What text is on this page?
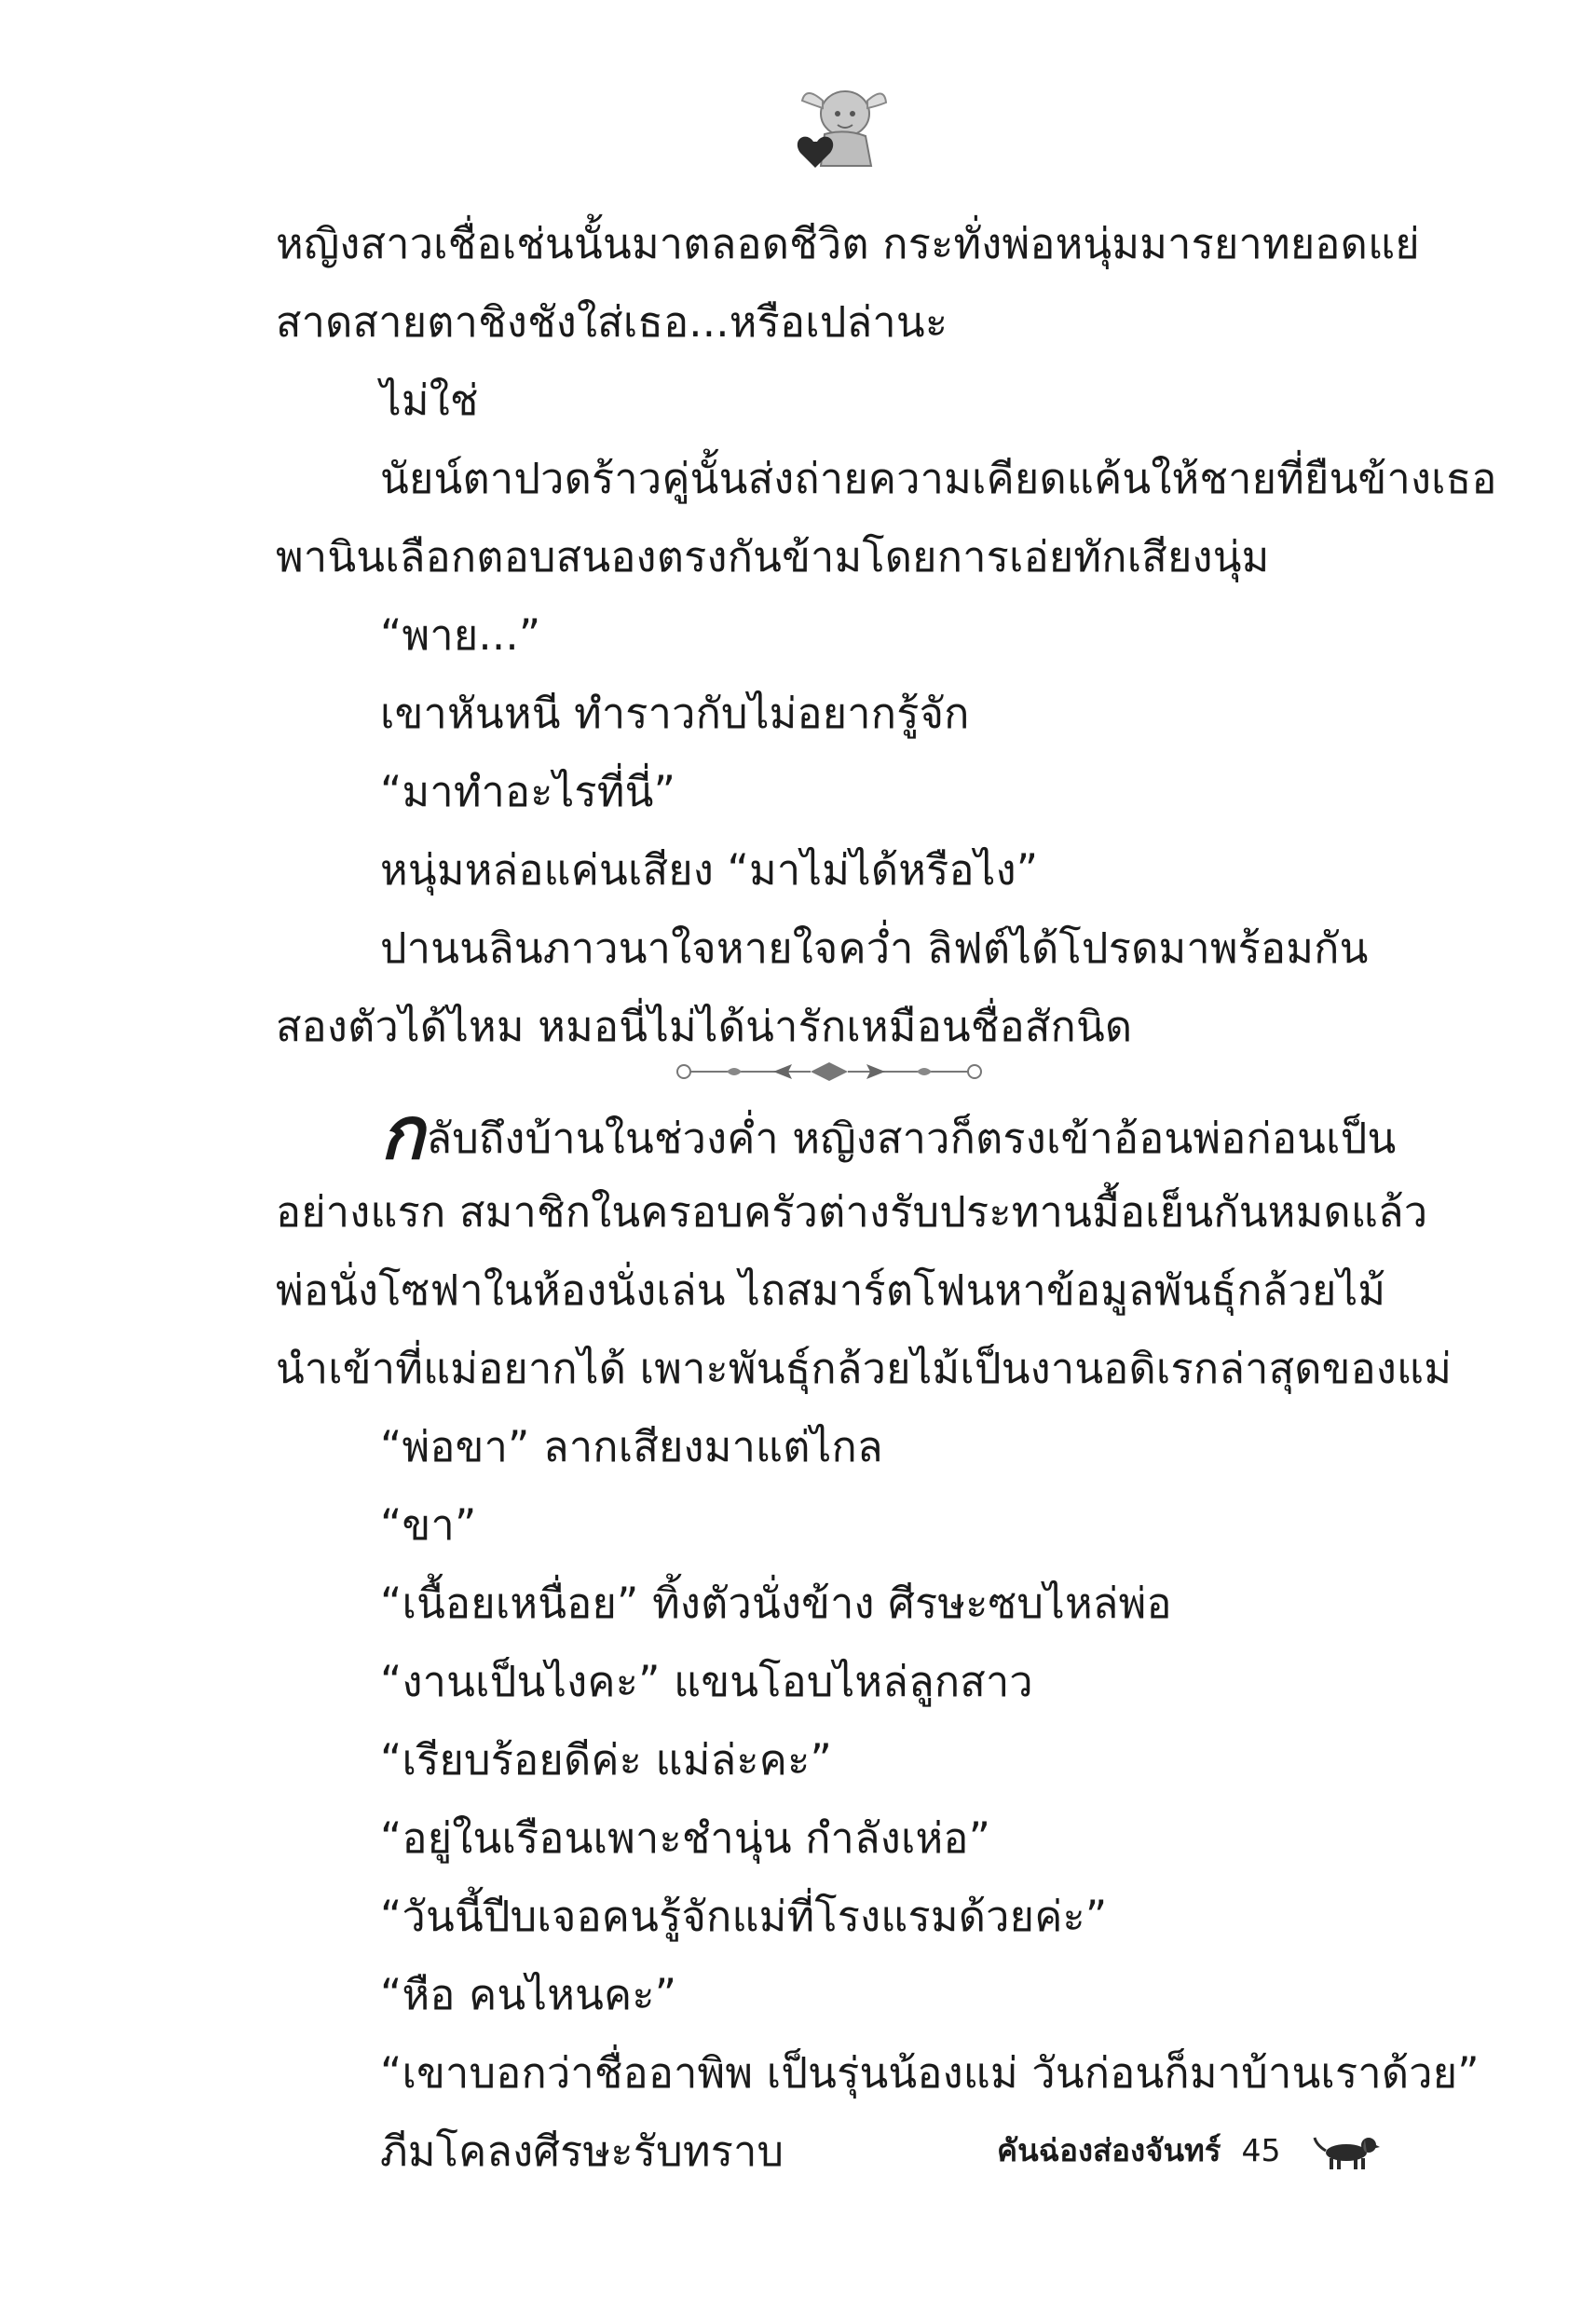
หญิงสาวเชื่อเช่นนั้นมาตลอดชีวิต กระทั่งพ่อหนุ่มมารยาทยอดแย่
สาดสายตาชิงชังใส่เธอ...หรือเปล่านะ
ไม่ใช่
นัยน์ตาปวดร้าวคู่นั้นส่งถ่ายความเคียดแค้นให้ชายที่ยืนข้างเธอ
พานินเลือกตอบสนองตรงกันข้ามโดยการเอ่ยทักเสียงนุ่ม
“พาย...”
เขาหันหนี ทำราวกับไม่อยากรู้จัก
“มาทำอะไรที่นี่”
หนุ่มหล่อแค่นเสียง “มาไม่ได้หรือไง”
ปานนลินภาวนาใจหายใจคว่ำ ลิฟต์ได้โปรดมาพร้อมกัน
สองตัวได้ไหม หมอนี่ไม่ได้น่ารักเหมือนชื่อสักนิด
กลับถึงบ้านในช่วงค่ำ หญิงสาวก็ตรงเข้าอ้อนพ่อก่อนเป็น
อย่างแรก สมาชิกในครอบครัวต่างรับประทานมื้อเย็นกันหมดแล้ว
พ่อนั่งโซฟาในห้องนั่งเล่น ไถสมาร์ตโฟนหาข้อมูลพันธุ์กล้วยไม้
นำเข้าที่แม่อยากได้ เพาะพันธุ์กล้วยไม้เป็นงานอดิเรกล่าสุดของแม่
“พ่อขา” ลากเสียงมาแต่ไกล
“ขา”
“เนื้อยเหนื่อย” ทิ้งตัวนั่งข้าง ศีรษะซบไหล่พ่อ
“งานเป็นไงคะ” แขนโอบไหล่ลูกสาว
“เรียบร้อยดีค่ะ แม่ล่ะคะ”
“อยู่ในเรือนเพาะชำนุ่น กำลังเห่อ”
“วันนี้ปีบเจอคนรู้จักแม่ที่โรงแรมด้วยค่ะ”
“หือ คนไหนคะ”
“เขาบอกว่าชื่ออาพิพ เป็นรุ่นน้องแม่ วันก่อนก็มาบ้านเราด้วย”
ภีมโคลงศีรษะรับทราบ	คันฉ่องส่องจันทร์ 45
